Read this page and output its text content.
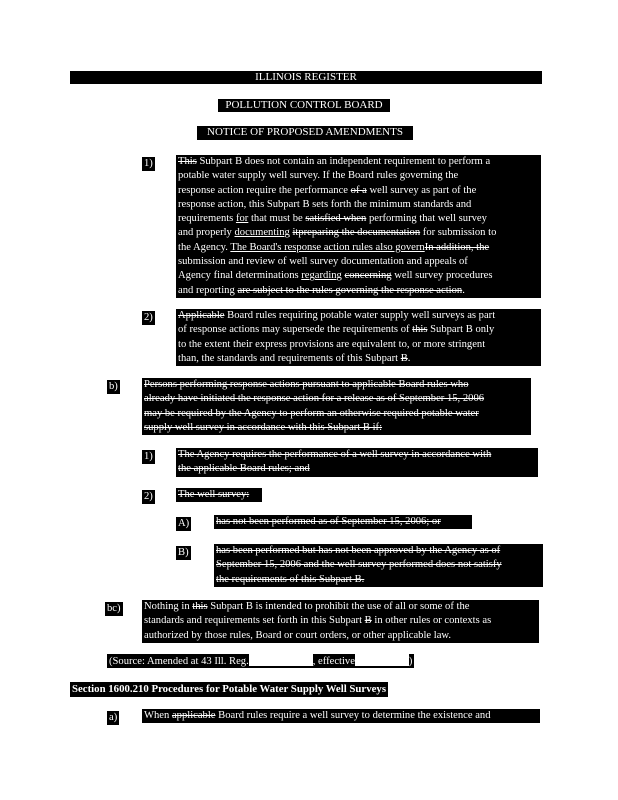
ILLINOIS REGISTER
POLLUTION CONTROL BOARD
NOTICE OF PROPOSED AMENDMENTS
1) This Subpart B does not contain an independent requirement to perform a
potable water supply well survey. If the Board rules governing the
response action require the performance of a well survey as part of the
response action, this Subpart B sets forth the minimum standards and
requirements for that must be satisfied when performing that well survey
and properly documenting itpreparing the documentation for submission to
the Agency. The Board's response action rules also governIn addition, the
submission and review of well survey documentation and appeals of
Agency final determinations regarding concerning well survey procedures
and reporting are subject to the rules governing the response action.
2) Applicable Board rules requiring potable water supply well surveys as part
of response actions may supersede the requirements of this Subpart B only
to the extent their express provisions are equivalent to, or more stringent
than, the standards and requirements of this Subpart B.
b) Persons performing response actions pursuant to applicable Board rules who
already have initiated the response action for a release as of September 15, 2006
may be required by the Agency to perform an otherwise required potable water
supply well survey in accordance with this Subpart B if:
1) The Agency requires the performance of a well survey in accordance with
the applicable Board rules; and
2) The well survey:
A)	has not been performed as of September 15, 2006; or
B)	has been performed but has not been approved by the Agency as of
September 15, 2006 and the well survey performed does not satisfy
the requirements of this Subpart B.
bc) Nothing in this Subpart B is intended to prohibit the use of all or some of the
standards and requirements set forth in this Subpart B in other rules or contexts as
authorized by those rules, Board or court orders, or other applicable law.
(Source: Amended at 43 Ill. Reg.	, effective	)
Section 1600.210 Procedures for Potable Water Supply Well Surveys
a)	When applicable Board rules require a well survey to determine the existence and
